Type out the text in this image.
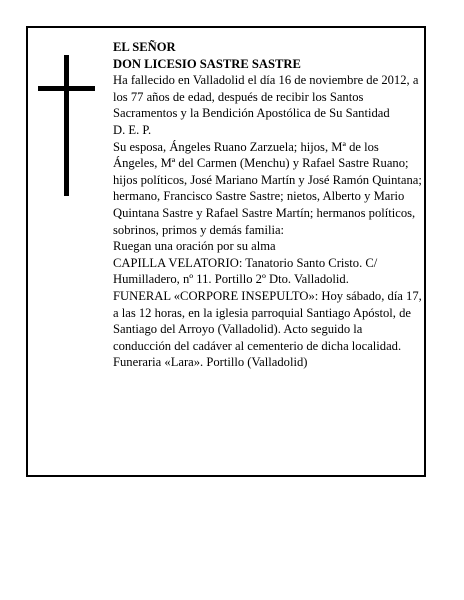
EL SEÑOR

DON LICESIO SASTRE SASTRE

Ha fallecido en Valladolid el día 16 de noviembre de 2012, a los 77 años de edad, después de recibir los Santos Sacramentos y la Bendición Apostólica de Su Santidad

D. E. P.

Su esposa, Ángeles Ruano Zarzuela; hijos, Mª de los Ángeles, Mª del Carmen (Menchu) y Rafael Sastre Ruano; hijos políticos, José Mariano Martín y José Ramón Quintana; hermano, Francisco Sastre Sastre; nietos, Alberto y Mario Quintana Sastre y Rafael Sastre Martín; hermanos políticos, sobrinos, primos y demás familia:

Ruegan una oración por su alma

CAPILLA VELATORIO: Tanatorio Santo Cristo. C/ Humilladero, nº 11. Portillo 2º Dto. Valladolid.

FUNERAL «CORPORE INSEPULTO»: Hoy sábado, día 17, a las 12 horas, en la iglesia parroquial Santiago Apóstol, de Santiago del Arroyo (Valladolid). Acto seguido la conducción del cadáver al cementerio de dicha localidad.

Funeraria «Lara». Portillo (Valladolid)
